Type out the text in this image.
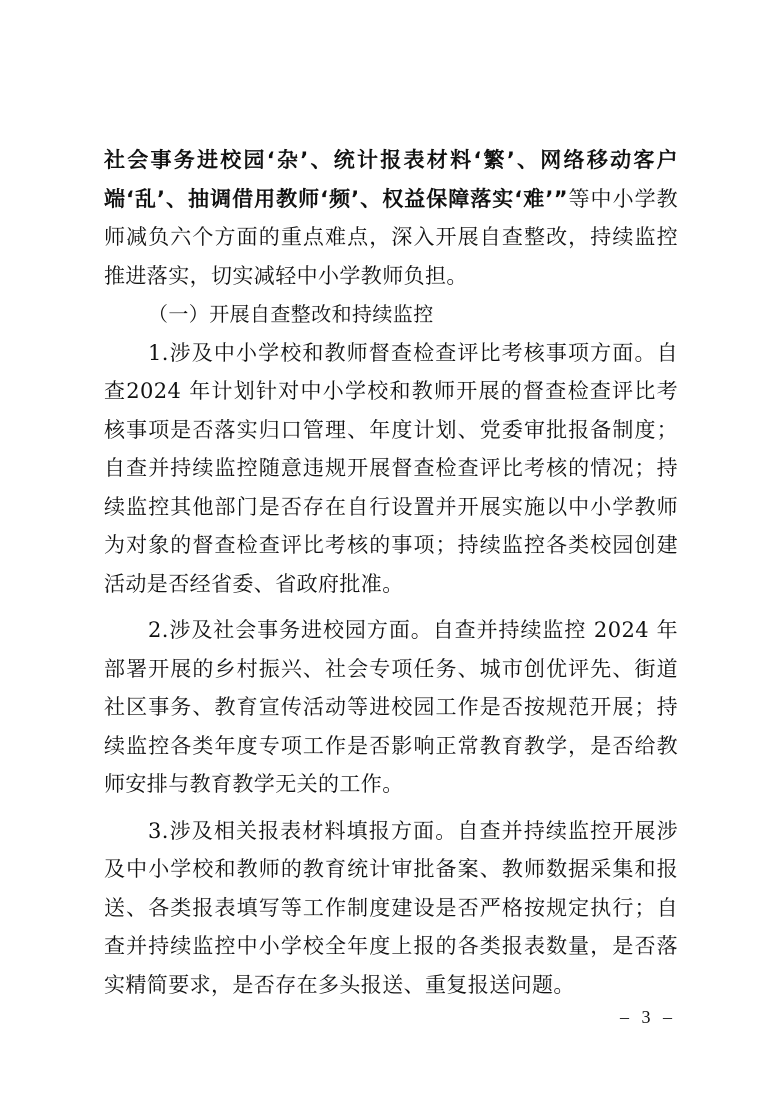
社会事务进校园‘杂’、统计报表材料‘繁’、网络移动客户端‘乱’、抽调借用教师‘频’、权益保障落实‘难’”等中小学教师减负六个方面的重点难点，深入开展自查整改，持续监控推进落实，切实减轻中小学教师负担。

（一）开展自查整改和持续监控

1.涉及中小学校和教师督查检查评比考核事项方面。自查2024 年计划针对中小学校和教师开展的督查检查评比考核事项是否落实归口管理、年度计划、党委审批报备制度；自查并持续监控随意违规开展督查检查评比考核的情况；持续监控其他部门是否存在自行设置并开展实施以中小学教师为对象的督查检查评比考核的事项；持续监控各类校园创建活动是否经省委、省政府批准。

2.涉及社会事务进校园方面。自查并持续监控 2024 年部署开展的乡村振兴、社会专项任务、城市创优评先、街道社区事务、教育宣传活动等进校园工作是否按规范开展；持续监控各类年度专项工作是否影响正常教育教学，是否给教师安排与教育教学无关的工作。

3.涉及相关报表材料填报方面。自查并持续监控开展涉及中小学校和教师的教育统计审批备案、教师数据采集和报送、各类报表填写等工作制度建设是否严格按规定执行；自查并持续监控中小学校全年度上报的各类报表数量，是否落实精简要求，是否存在多头报送、重复报送问题。

– 3 –
